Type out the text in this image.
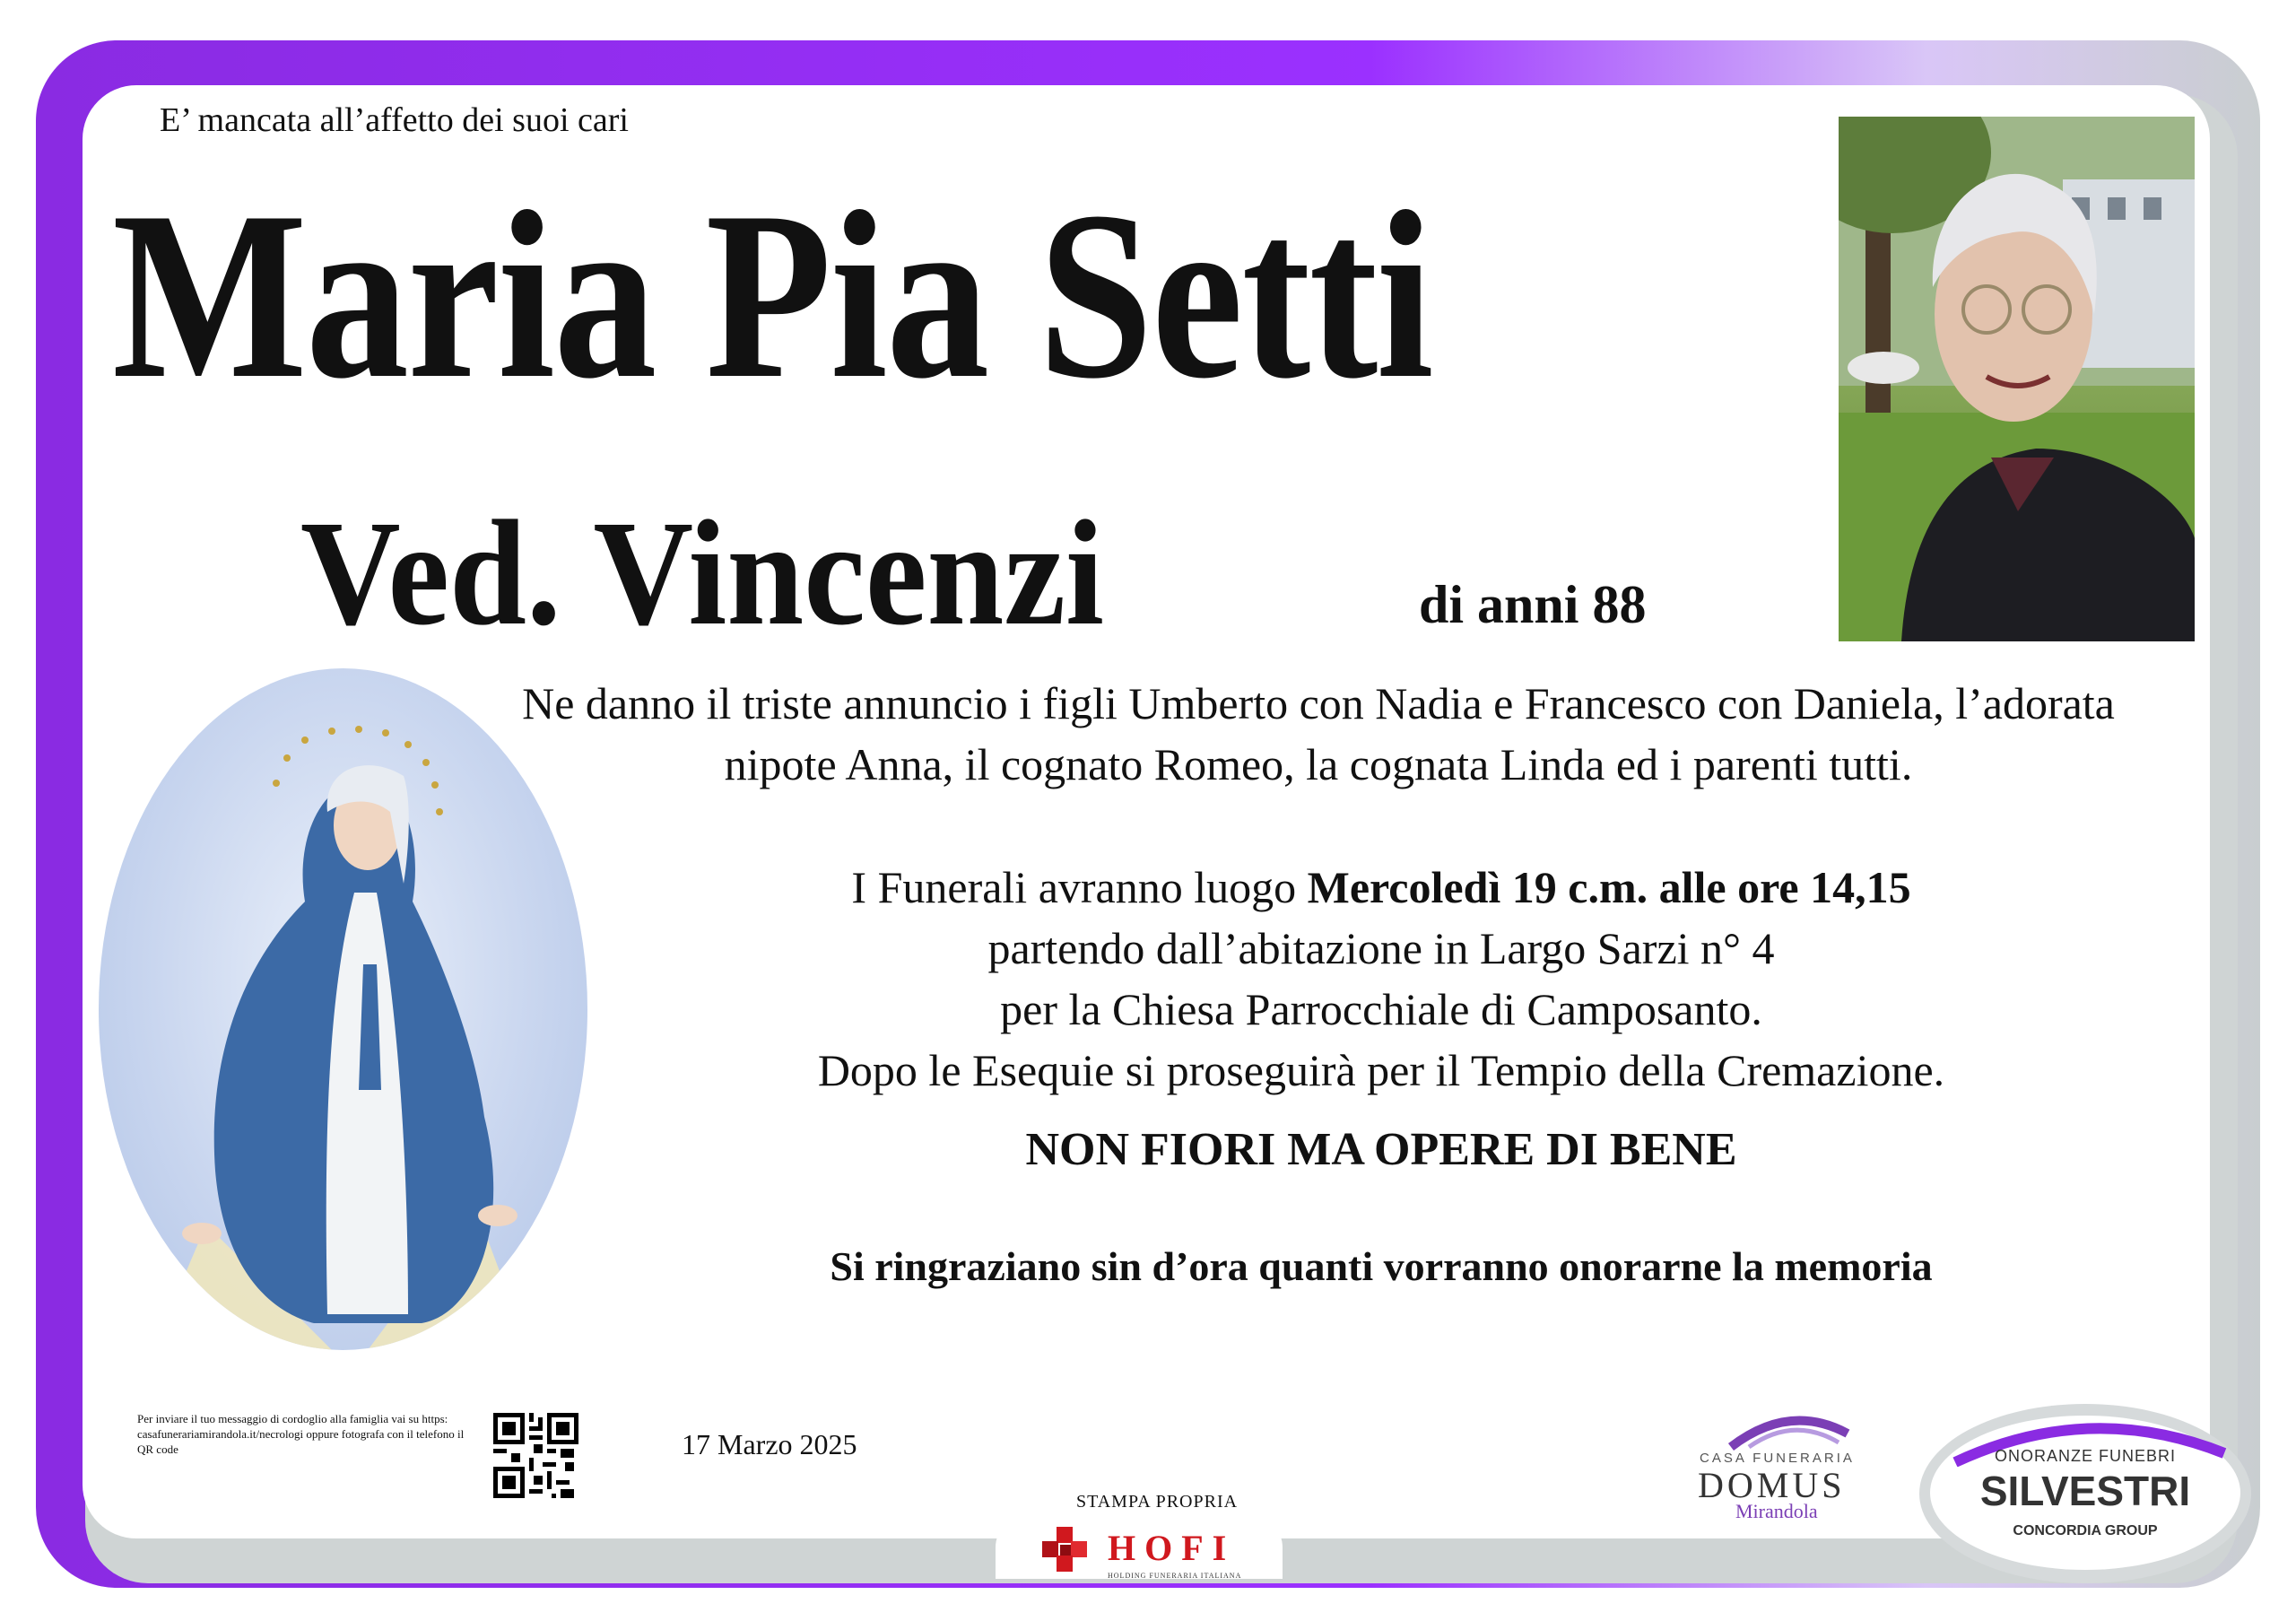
E’ mancata all’affetto dei suoi cari
Maria Pia Setti
Ved. Vincenzi	di anni 88
Ne danno il triste annuncio i figli Umberto con Nadia e Francesco con Daniela, l’adorata nipote Anna, il cognato Romeo, la cognata Linda ed i parenti tutti.
I Funerali avranno luogo Mercoledì 19 c.m. alle ore 14,15
partendo dall’abitazione in Largo Sarzi n° 4
per la Chiesa Parrocchiale di Camposanto.
Dopo le Esequie si proseguirà per il Tempio della Cremazione.
NON FIORI MA OPERE DI BENE
Si ringraziano sin d’ora quanti vorranno onorarne la memoria
Per inviare il tuo messaggio di cordoglio alla famiglia vai su https: casafunerariamirandola.it/necrologi oppure fotografa con il telefono il QR code	17 Marzo 2025
STAMPA PROPRIA
HOFI
HOLDING FUNERARIA ITALIANA
CASA FUNERARIA
DOMUS
Mirandola
ONORANZE FUNEBRI
SILVESTRI
CONCORDIA GROUP
